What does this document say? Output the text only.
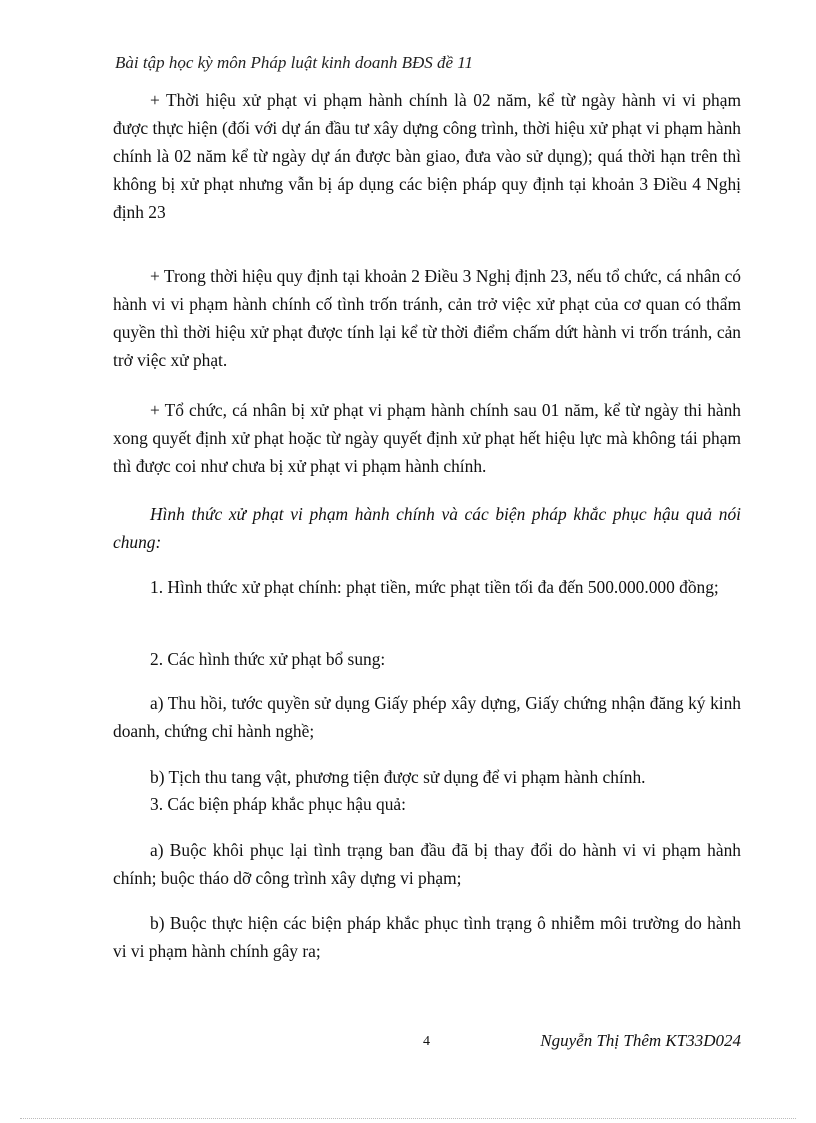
Bài tập học kỳ môn Pháp luật kinh doanh BĐS đề 11

+ Thời hiệu xử phạt vi phạm hành chính là 02 năm, kể từ ngày hành vi vi phạm được thực hiện (đối với dự án đầu tư xây dựng công trình, thời hiệu xử phạt vi phạm hành chính là 02 năm kể từ ngày dự án được bàn giao, đưa vào sử dụng); quá thời hạn trên thì không bị xử phạt nhưng vẫn bị áp dụng các biện pháp quy định tại khoản 3 Điều 4 Nghị định 23

+ Trong thời hiệu quy định tại khoản 2 Điều 3 Nghị định 23, nếu tổ chức, cá nhân có hành vi vi phạm hành chính cố tình trốn tránh, cản trở việc xử phạt của cơ quan có thẩm quyền thì thời hiệu xử phạt được tính lại kể từ thời điểm chấm dứt hành vi trốn tránh, cản trở việc xử phạt.

+ Tổ chức, cá nhân bị xử phạt vi phạm hành chính sau 01 năm, kể từ ngày thi hành xong quyết định xử phạt hoặc từ ngày quyết định xử phạt hết hiệu lực mà không tái phạm thì được coi như chưa bị xử phạt vi phạm hành chính.

Hình thức xử phạt vi phạm hành chính và các biện pháp khắc phục hậu quả nói chung:

1. Hình thức xử phạt chính: phạt tiền, mức phạt tiền tối đa đến 500.000.000 đồng;

2. Các hình thức xử phạt bổ sung:

a) Thu hồi, tước quyền sử dụng Giấy phép xây dựng, Giấy chứng nhận đăng ký kinh doanh, chứng chỉ hành nghề;

b) Tịch thu tang vật, phương tiện được sử dụng để vi phạm hành chính.

3. Các biện pháp khắc phục hậu quả:

a) Buộc khôi phục lại tình trạng ban đầu đã bị thay đổi do hành vi vi phạm hành chính; buộc tháo dỡ công trình xây dựng vi phạm;

b) Buộc thực hiện các biện pháp khắc phục tình trạng ô nhiễm môi trường do hành vi vi phạm hành chính gây ra;

4	Nguyễn Thị Thêm KT33D024
